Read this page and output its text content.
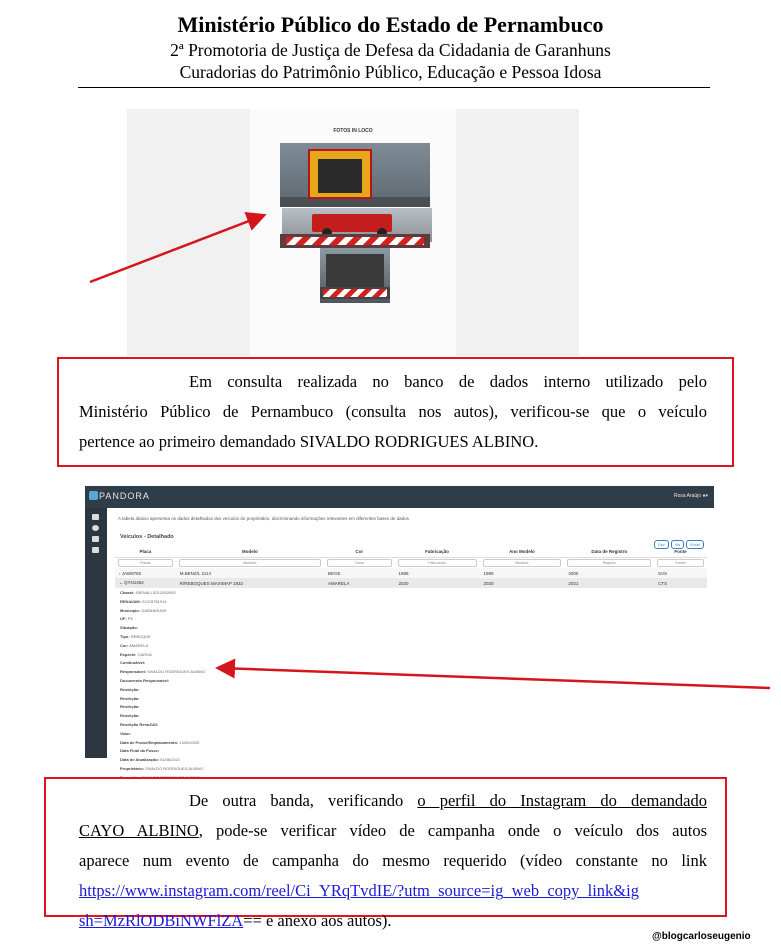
Ministério Público do Estado de Pernambuco
2ª Promotoria de Justiça de Defesa da Cidadania de Garanhuns
Curadorias do Patrimônio Público, Educação e Pessoa Idosa
FOTOS IN LOCO
Em consulta realizada no banco de dados interno utilizado pelo
Ministério Público de Pernambuco (consulta nos autos), verificou-se que o veículo
pertence ao primeiro demandado SIVALDO RODRIGUES ALBINO.
PANDORA	Rosa Araújo ●▾
A tabela abaixo apresenta os dados detalhados dos veículos do proprietário, discriminando informações relevantes em diferentes bases de dados.
Veículos - Detalhado
Csv	Xls	Excel
Placa	Modelo	Cor	Fabricação	Ano Modelo	Data de Registro	Fonte

Placas	Modelos	Cores	Fabricação	Modelos	Registro	Fontes

› JAW8782	M.BENZ/L 1114	BEGE	1988	1989	2000	SVS
⌄ QYN1462	R/REBOQUES MAXIMAP 1932	AMARELA	2020	2020	2021	CTS
Chassi: 93ENALLS01Z002093
RENAVAM: 01378751914
Município: GARANHUNS
UF: PE
Situação:
Tipo: REBOQUE
Cor: AMARELA
Espécie: CARGA
Combustível:
Responsável: SIVALDO RODRIGUES ALBINO
Documento Responsável:
Restrição:
Restrição:
Restrição:
Restrição:
Restrição RenaJUD:
Valor:
Data de Posse/Emplacamento: 13/09/2020
Data Final da Posse:
Data de Atualização: 01/06/2021
Proprietário: SIVALDO RODRIGUES ALBINO
Possuidor: SIVALDO RODRIGUES ALBINO
De outra banda, verificando o perfil do Instagram do demandado
CAYO ALBINO, pode-se verificar vídeo de campanha onde o veículo dos autos
aparece num evento de campanha do mesmo requerido (vídeo constante no link
https://www.instagram.com/reel/Ci_YRqTvdIE/?utm_source=ig_web_copy_link&ig
sh=MzRlODBiNWFlZA== e anexo aos autos).
@blogcarloseugenio
